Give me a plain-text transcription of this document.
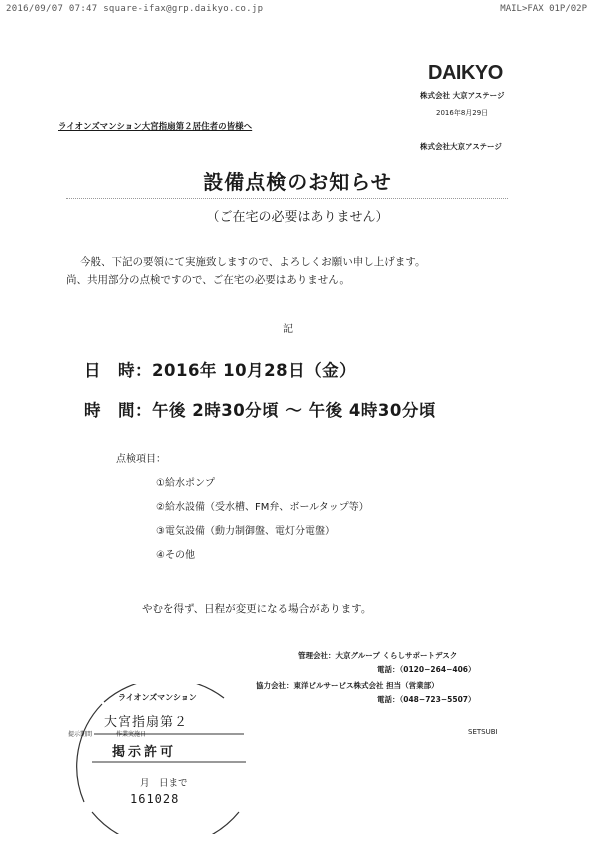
2016/09/07 07:47 square-ifax@grp.daikyo.co.jp	MAIL>FAX 01P/02P
DAIKYO
株式会社 大京アステージ
2016年8月29日
ライオンズマンション大宮指扇第２居住者の皆様へ
株式会社大京アステージ
設備点検のお知らせ
（ご在宅の必要はありません）
今般、下記の要領にて実施致しますので、よろしくお願い申し上げます。
尚、共用部分の点検ですので、ご在宅の必要はありません。
記
日　時：2016年 10月28日（金）
時　間：午後 2時30分頃 〜 午後 4時30分頃
点検項目：
①給水ポンプ
②給水設備（受水槽、FM弁、ボールタップ等）
③電気設備（動力制御盤、電灯分電盤）
④その他
やむを得ず、日程が変更になる場合があります。
管理会社：大京グループ くらしサポートデスク
電話：（0120−264−406）
協力会社：東洋ビルサービス株式会社 担当（営業部）
電話：（048−723−5507）
SETSUBI
ライオンズマンション
大宮指扇第２
提示期間　　　　作業実施日
掲示許可
月　日まで
161028
